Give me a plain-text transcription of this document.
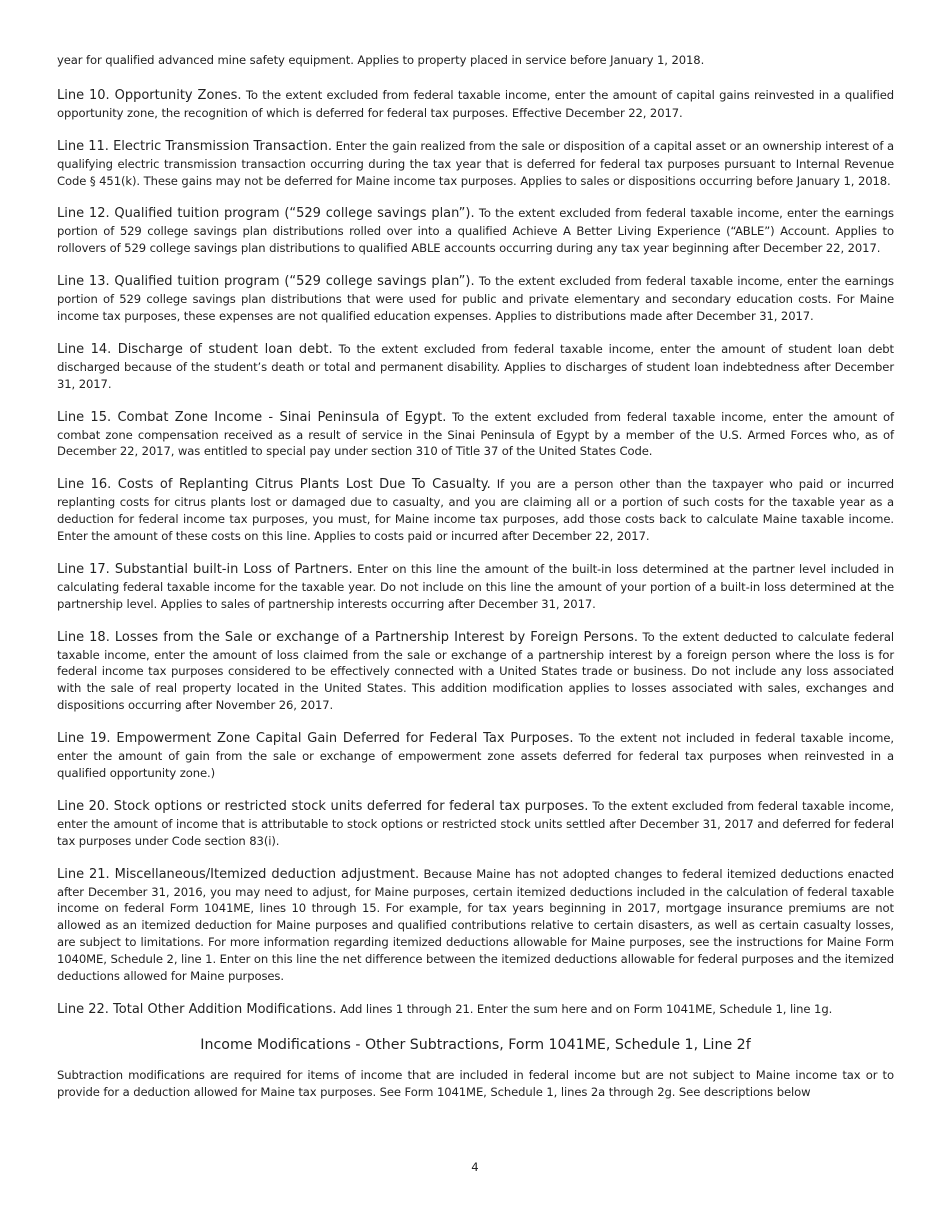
year for qualified advanced mine safety equipment. Applies to property placed in service before January 1, 2018.

Line 10. Opportunity Zones. To the extent excluded from federal taxable income, enter the amount of capital gains reinvested in a qualified opportunity zone, the recognition of which is deferred for federal tax purposes. Effective December 22, 2017.

Line 11. Electric Transmission Transaction. Enter the gain realized from the sale or disposition of a capital asset or an ownership interest of a qualifying electric transmission transaction occurring during the tax year that is deferred for federal tax purposes pursuant to Internal Revenue Code § 451(k). These gains may not be deferred for Maine income tax purposes. Applies to sales or dispositions occurring before January 1, 2018.

Line 12. Qualified tuition program (“529 college savings plan”). To the extent excluded from federal taxable income, enter the earnings portion of 529 college savings plan distributions rolled over into a qualified Achieve A Better Living Experience (“ABLE”) Account. Applies to rollovers of 529 college savings plan distributions to qualified ABLE accounts occurring during any tax year beginning after December 22, 2017.

Line 13. Qualified tuition program (“529 college savings plan”). To the extent excluded from federal taxable income, enter the earnings portion of 529 college savings plan distributions that were used for public and private elementary and secondary education costs. For Maine income tax purposes, these expenses are not qualified education expenses. Applies to distributions made after December 31, 2017.

Line 14. Discharge of student loan debt. To the extent excluded from federal taxable income, enter the amount of student loan debt discharged because of the student’s death or total and permanent disability. Applies to discharges of student loan indebtedness after December 31, 2017.

Line 15. Combat Zone Income - Sinai Peninsula of Egypt. To the extent excluded from federal taxable income, enter the amount of combat zone compensation received as a result of service in the Sinai Peninsula of Egypt by a member of the U.S. Armed Forces who, as of December 22, 2017, was entitled to special pay under section 310 of Title 37 of the United States Code.

Line 16. Costs of Replanting Citrus Plants Lost Due To Casualty. If you are a person other than the taxpayer who paid or incurred replanting costs for citrus plants lost or damaged due to casualty, and you are claiming all or a portion of such costs for the taxable year as a deduction for federal income tax purposes, you must, for Maine income tax purposes, add those costs back to calculate Maine taxable income. Enter the amount of these costs on this line. Applies to costs paid or incurred after December 22, 2017.

Line 17. Substantial built-in Loss of Partners. Enter on this line the amount of the built-in loss determined at the partner level included in calculating federal taxable income for the taxable year. Do not include on this line the amount of your portion of a built-in loss determined at the partnership level. Applies to sales of partnership interests occurring after December 31, 2017.

Line 18. Losses from the Sale or exchange of a Partnership Interest by Foreign Persons. To the extent deducted to calculate federal taxable income, enter the amount of loss claimed from the sale or exchange of a partnership interest by a foreign person where the loss is for federal income tax purposes considered to be effectively connected with a United States trade or business. Do not include any loss associated with the sale of real property located in the United States. This addition modification applies to losses associated with sales, exchanges and dispositions occurring after November 26, 2017.

Line 19. Empowerment Zone Capital Gain Deferred for Federal Tax Purposes. To the extent not included in federal taxable income, enter the amount of gain from the sale or exchange of empowerment zone assets deferred for federal tax purposes when reinvested in a qualified opportunity zone.)

Line 20. Stock options or restricted stock units deferred for federal tax purposes. To the extent excluded from federal taxable income, enter the amount of income that is attributable to stock options or restricted stock units settled after December 31, 2017 and deferred for federal tax purposes under Code section 83(i).

Line 21. Miscellaneous/Itemized deduction adjustment. Because Maine has not adopted changes to federal itemized deductions enacted after December 31, 2016, you may need to adjust, for Maine purposes, certain itemized deductions included in the calculation of federal taxable income on federal Form 1041ME, lines 10 through 15. For example, for tax years beginning in 2017, mortgage insurance premiums are not allowed as an itemized deduction for Maine purposes and qualified contributions relative to certain disasters, as well as certain casualty losses, are subject to limitations. For more information regarding itemized deductions allowable for Maine purposes, see the instructions for Maine Form 1040ME, Schedule 2, line 1. Enter on this line the net difference between the itemized deductions allowable for federal purposes and the itemized deductions allowed for Maine purposes.

Line 22. Total Other Addition Modifications. Add lines 1 through 21. Enter the sum here and on Form 1041ME, Schedule 1, line 1g.

Income Modifications - Other Subtractions, Form 1041ME, Schedule 1, Line 2f

Subtraction modifications are required for items of income that are included in federal income but are not subject to Maine income tax or to provide for a deduction allowed for Maine tax purposes. See Form 1041ME, Schedule 1, lines 2a through 2g. See descriptions below

4
